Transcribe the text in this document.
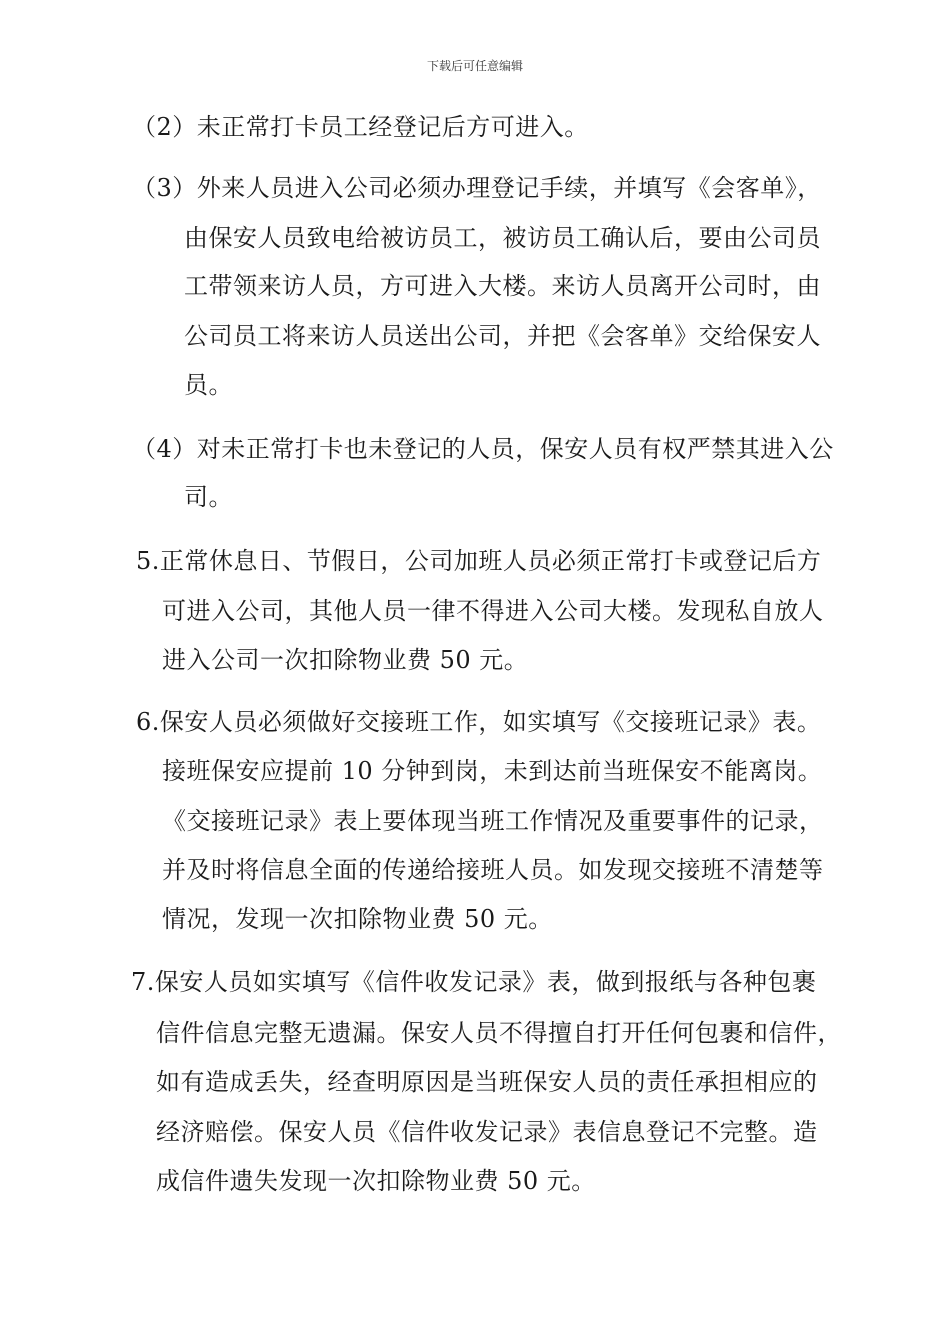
下载后可任意编辑
（2）未正常打卡员工经登记后方可进入。
（3）外来人员进入公司必须办理登记手续，并填写《会客单》，
由保安人员致电给被访员工，被访员工确认后，要由公司员
工带领来访人员，方可进入大楼。来访人员离开公司时，由
公司员工将来访人员送出公司，并把《会客单》交给保安人
员。
（4）对未正常打卡也未登记的人员，保安人员有权严禁其进入公
司。
5.正常休息日、节假日，公司加班人员必须正常打卡或登记后方
可进入公司，其他人员一律不得进入公司大楼。发现私自放人
进入公司一次扣除物业费 50 元。
6.保安人员必须做好交接班工作，如实填写《交接班记录》表。
接班保安应提前 10 分钟到岗，未到达前当班保安不能离岗。
《交接班记录》表上要体现当班工作情况及重要事件的记录，
并及时将信息全面的传递给接班人员。如发现交接班不清楚等
情况，发现一次扣除物业费 50 元。
7.保安人员如实填写《信件收发记录》表，做到报纸与各种包裹
信件信息完整无遗漏。保安人员不得擅自打开任何包裹和信件，
如有造成丢失，经查明原因是当班保安人员的责任承担相应的
经济赔偿。保安人员《信件收发记录》表信息登记不完整。造
成信件遗失发现一次扣除物业费 50 元。
